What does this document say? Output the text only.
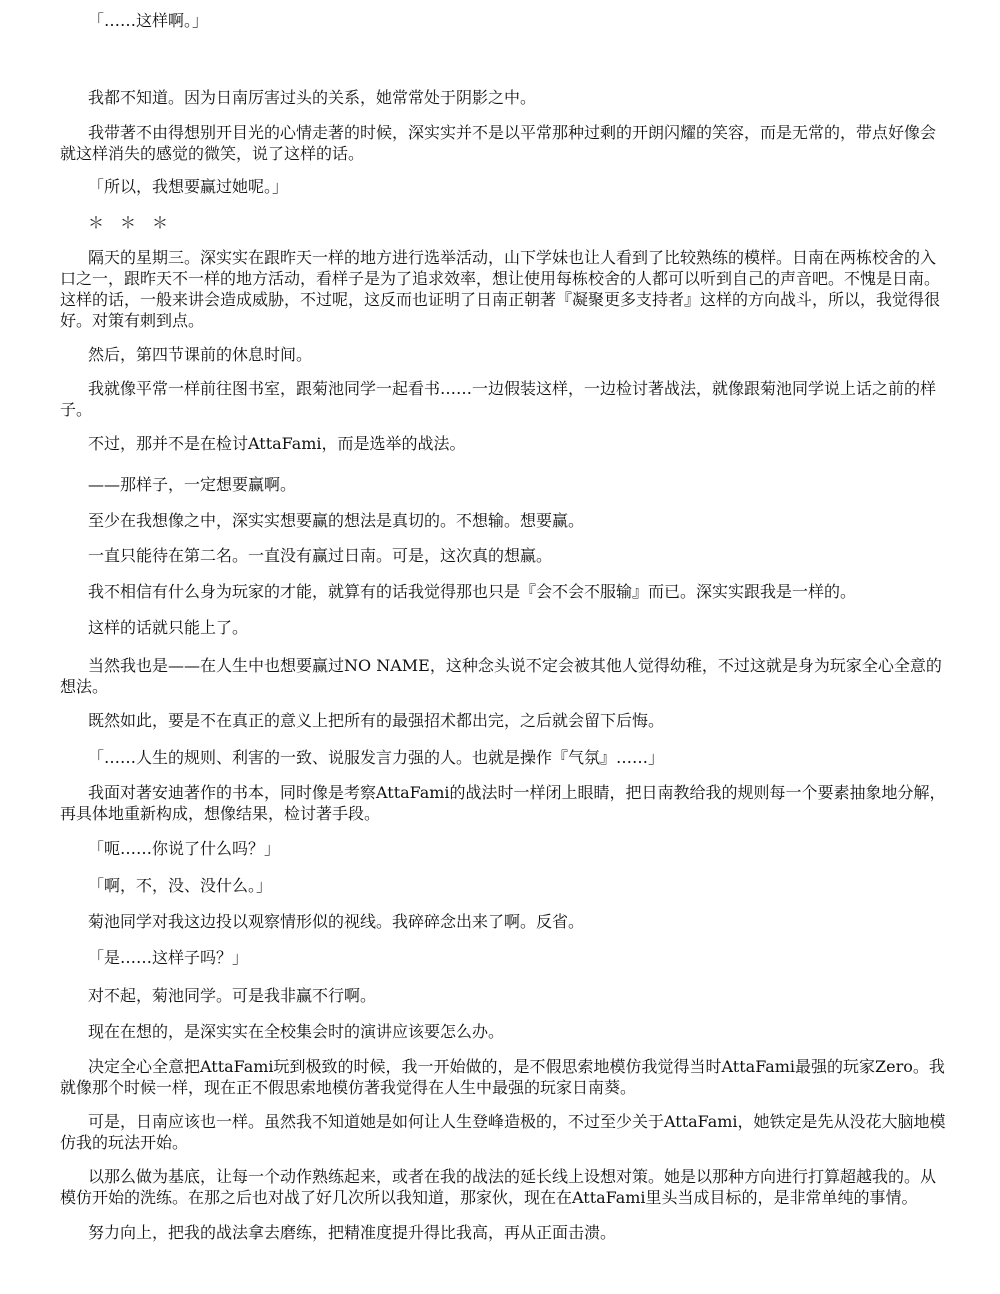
「……这样啊。」

我都不知道。因为日南厉害过头的关系，她常常处于阴影之中。

我带著不由得想别开目光的心情走著的时候，深实实并不是以平常那种过剩的开朗闪耀的笑容，而是无常的，带点好像会就这样消失的感觉的微笑，说了这样的话。

「所以，我想要赢过她呢。」

＊　＊　＊

隔天的星期三。深实实在跟昨天一样的地方进行选举活动，山下学妹也让人看到了比较熟练的模样。日南在两栋校舍的入口之一，跟昨天不一样的地方活动，看样子是为了追求效率，想让使用每栋校舍的人都可以听到自己的声音吧。不愧是日南。这样的话，一般来讲会造成威胁，不过呢，这反而也证明了日南正朝著『凝聚更多支持者』这样的方向战斗，所以，我觉得很好。对策有刺到点。

然后，第四节课前的休息时间。

我就像平常一样前往图书室，跟菊池同学一起看书……一边假装这样，一边检讨著战法，就像跟菊池同学说上话之前的样子。

不过，那并不是在检讨AttaFami，而是选举的战法。

——那样子，一定想要赢啊。

至少在我想像之中，深实实想要赢的想法是真切的。不想输。想要赢。

一直只能待在第二名。一直没有赢过日南。可是，这次真的想赢。

我不相信有什么身为玩家的才能，就算有的话我觉得那也只是『会不会不服输』而已。深实实跟我是一样的。

这样的话就只能上了。

当然我也是——在人生中也想要赢过NO NAME，这种念头说不定会被其他人觉得幼稚，不过这就是身为玩家全心全意的想法。

既然如此，要是不在真正的意义上把所有的最强招术都出完，之后就会留下后悔。

「……人生的规则、利害的一致、说服发言力强的人。也就是操作『气氛』……」

我面对著安迪著作的书本，同时像是考察AttaFami的战法时一样闭上眼睛，把日南教给我的规则每一个要素抽象地分解，再具体地重新构成，想像结果，检讨著手段。

「呃……你说了什么吗？」

「啊，不，没、没什么。」

菊池同学对我这边投以观察情形似的视线。我碎碎念出来了啊。反省。

「是……这样子吗？」

对不起，菊池同学。可是我非赢不行啊。

现在在想的，是深实实在全校集会时的演讲应该要怎么办。

决定全心全意把AttaFami玩到极致的时候，我一开始做的，是不假思索地模仿我觉得当时AttaFami最强的玩家Zero。我就像那个时候一样，现在正不假思索地模仿著我觉得在人生中最强的玩家日南葵。

可是，日南应该也一样。虽然我不知道她是如何让人生登峰造极的，不过至少关于AttaFami，她铁定是先从没花大脑地模仿我的玩法开始。

以那么做为基底，让每一个动作熟练起来，或者在我的战法的延长线上设想对策。她是以那种方向进行打算超越我的。从模仿开始的洗练。在那之后也对战了好几次所以我知道，那家伙，现在在AttaFami里头当成目标的，是非常单纯的事情。

努力向上，把我的战法拿去磨练，把精准度提升得比我高，再从正面击溃。
